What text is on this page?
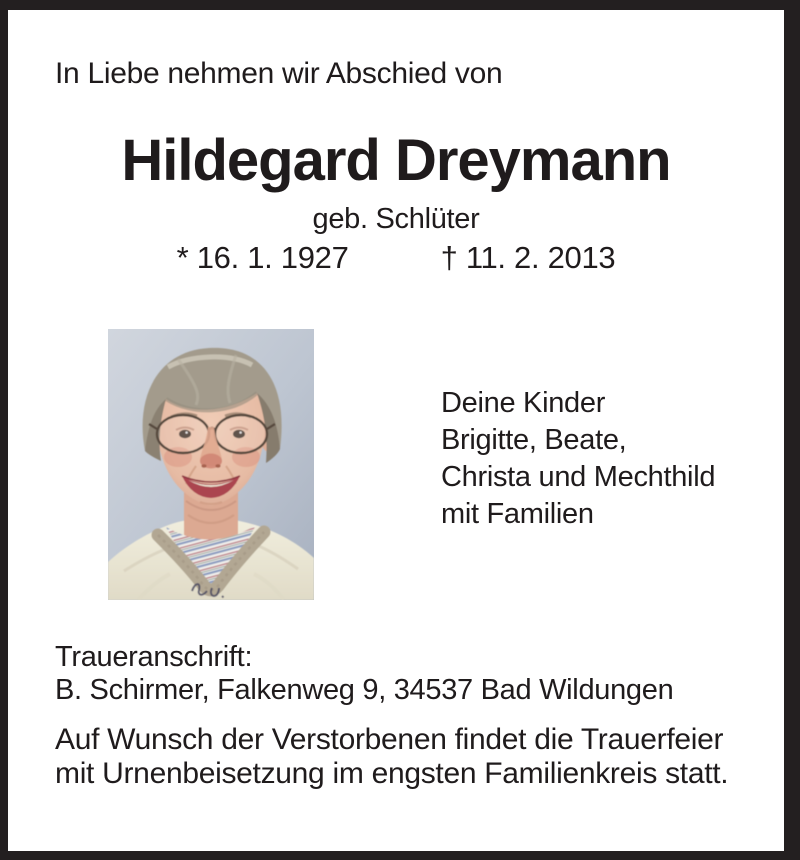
In Liebe nehmen wir Abschied von

Hildegard Dreymann

geb. Schlüter

* 16. 1. 1927	† 11. 2. 2013

Deine Kinder

Brigitte, Beate,

Christa und Mechthild

mit Familien

Traueranschrift:

B. Schirmer, Falkenweg 9, 34537 Bad Wildungen

Auf Wunsch der Verstorbenen findet die Trauerfeier

mit Urnenbeisetzung im engsten Familienkreis statt.
